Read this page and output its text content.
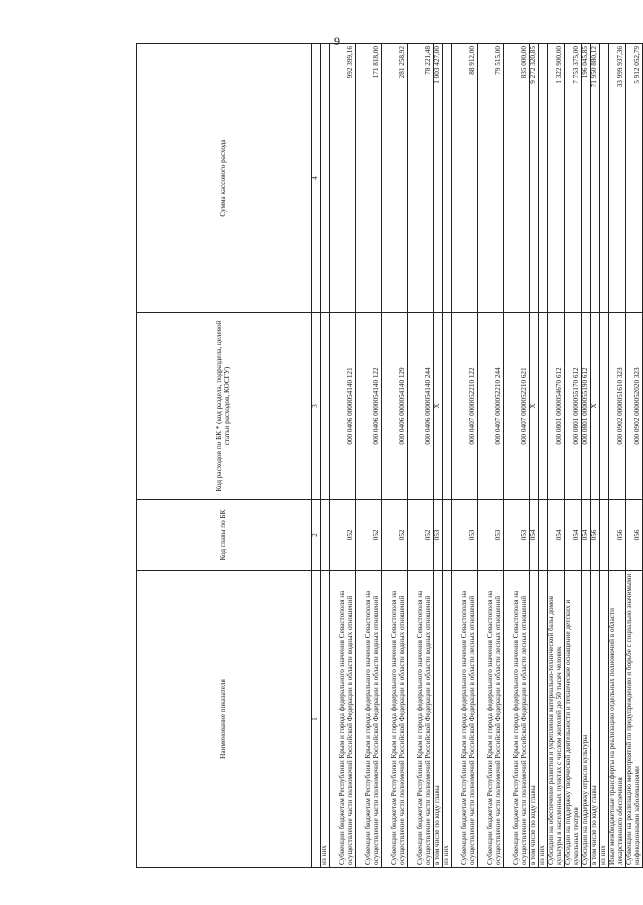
9
Наименование показателя	Код главы по БК	Код расходов по БК * (код раздела, подраздела, целевой статьи расходов, КОСГУ)	Сумма кассового расхода
1	2	3	4
из них			
Субвенции бюджетам Республики Крым и города федерального значения Севастополя на осуществление части полномочий Российской Федерации в области водных отношений	052	000 0406 0000054140 121	992 399,16
Субвенции бюджетам Республики Крым и города федерального значения Севастополя на осуществление части полномочий Российской Федерации в области водных отношений	052	000 0406 0000054140 122	171 818,00
Субвенции бюджетам Республики Крым и города федерального значения Севастополя на осуществление части полномочий Российской Федерации в области водных отношений	052	000 0406 0000054140 129	281 258,92
Субвенции бюджетам Республики Крым и города федерального значения Севастополя на осуществление части полномочий Российской Федерации в области водных отношений	052	000 0406 0000054140 244	78 221,48
в том числе по коду главы	053	X	1 003 427,00
из них			
Субвенции бюджетам Республики Крым и города федерального значения Севастополя на осуществление части полномочий Российской Федерации в области лесных отношений	053	000 0407 0000052210 122	88 912,00
Субвенции бюджетам Республики Крым и города федерального значения Севастополя на осуществление части полномочий Российской Федерации в области лесных отношений	053	000 0407 0000052210 244	79 515,00
Субвенции бюджетам Республики Крым и города федерального значения Севастополя на осуществление части полномочий Российской Федерации в области лесных отношений	053	000 0407 0000052210 621	835 000,00
в том числе по коду главы	054	X	9 272 320,85
из них			
Субсидии на обеспечение развития и укрепления материально-технической базы домов культуры в населенных пунктах с числом жителей до 50 тысяч человек	054	000 0801 0000054670 612	1 322 900,00
Субсидии на поддержку творческой деятельности и техническое оснащение детских и кукольных театров	054	000 0801 0000055170 612	7 753 375,00
Субсидии на поддержку отрасли культуры	054	000 0801 0000055190 612	196 045,85
в том числе по коду главы	056	X	71 950 880,12
из них			
Иные межбюджетные трансферты на реализацию отдельных полномочий в области лекарственного обеспечения	056	000 0902 0000051610 323	33 999 937,36
Субвенции на реализацию мероприятий по предупреждению и борьбе с социально значимыми инфекционными заболеваниями	056	000 0902 0000052020 323	5 912 052,79
